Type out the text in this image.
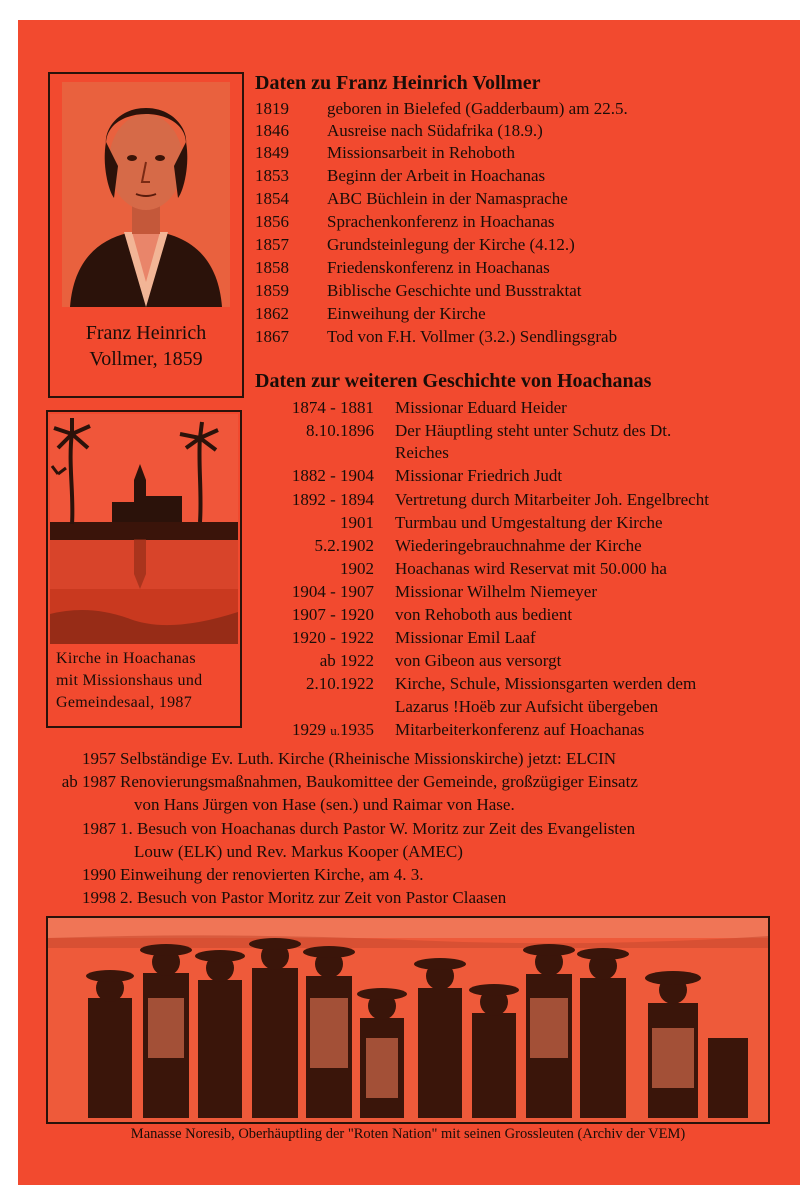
Franz Heinrich
Vollmer, 1859
Kirche in Hoachanas
mit Missionshaus und
Gemeindesaal, 1987
Daten zu Franz Heinrich Vollmer
1819	geboren in Bielefed (Gadderbaum) am 22.5.
1846	Ausreise nach Südafrika (18.9.)
1849	Missionsarbeit in Rehoboth
1853	Beginn der Arbeit in Hoachanas
1854	ABC Büchlein in der Namasprache
1856	Sprachenkonferenz in Hoachanas
1857	Grundsteinlegung der Kirche (4.12.)
1858	Friedenskonferenz in Hoachanas
1859	Biblische Geschichte und Busstraktat
1862	Einweihung der Kirche
1867	Tod von F.H. Vollmer (3.2.) Sendlingsgrab
Daten zur weiteren Geschichte von Hoachanas
1874 - 1881 Missionar Eduard Heider
8.10.1896 Der Häuptling steht unter Schutz des Dt.
Reiches
1882 - 1904 Missionar Friedrich Judt
1892 - 1894 Vertretung durch Mitarbeiter Joh. Engelbrecht
1901 Turmbau und Umgestaltung der Kirche
5.2.1902 Wiederingebrauchnahme der Kirche
1902 Hoachanas wird Reservat mit 50.000 ha
1904 - 1907 Missionar Wilhelm Niemeyer
1907 - 1920 von Rehoboth aus bedient
1920 - 1922 Missionar Emil Laaf
ab 1922 von Gibeon aus versorgt
2.10.1922 Kirche, Schule, Missionsgarten werden dem
Lazarus !Hoëb zur Aufsicht übergeben
1929 u.1935 Mitarbeiterkonferenz auf Hoachanas
1957 Selbständige Ev. Luth. Kirche (Rheinische Missionskirche) jetzt: ELCIN
ab 1987 Renovierungsmaßnahmen, Baukomittee der Gemeinde, großzügiger Einsatz
von Hans Jürgen von Hase (sen.) und Raimar von Hase.
1987 1. Besuch von Hoachanas durch Pastor W. Moritz zur Zeit des Evangelisten
Louw (ELK) und Rev. Markus Kooper (AMEC)
1990 Einweihung der renovierten Kirche, am 4. 3.
1998 2. Besuch von Pastor Moritz zur Zeit von Pastor Claasen
Manasse Noresib, Oberhäuptling der "Roten Nation" mit seinen Grossleuten (Archiv der VEM)
